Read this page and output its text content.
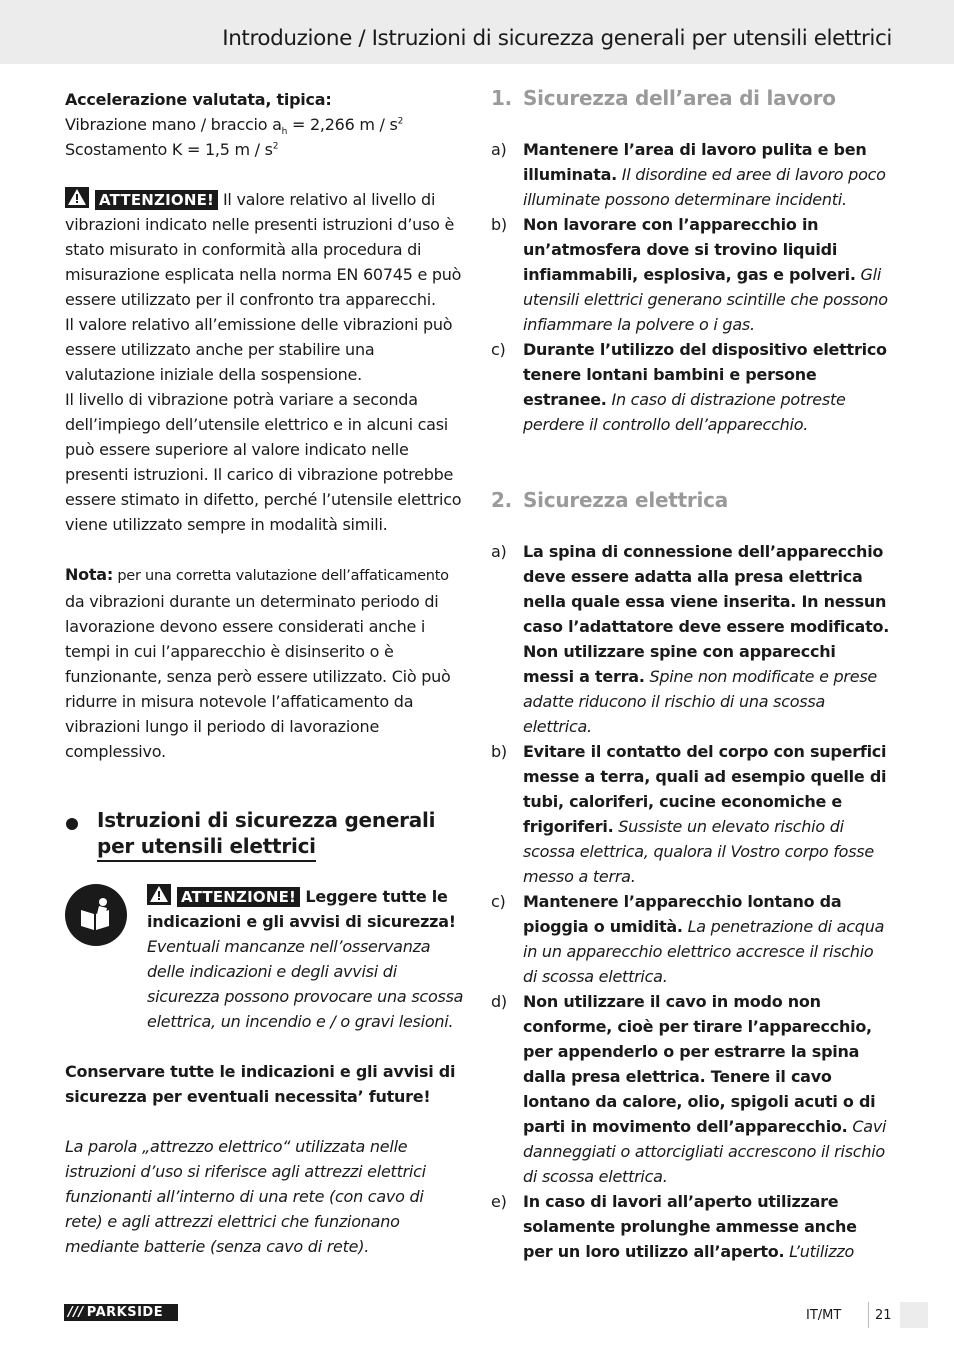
Introduzione / Istruzioni di sicurezza generali per utensili elettrici

Accelerazione valutata, tipica:

Vibrazione mano / braccio $a_h = 2,266$ m / $s^2$

Scostamento K = 1,5 m / $s^2$

ATTENZIONE! Il valore relativo al livello di vibrazioni indicato nelle presenti istruzioni d’uso è stato misurato in conformità alla procedura di misurazione esplicata nella norma EN 60745 e può essere utilizzato per il confronto tra apparecchi.

Il valore relativo all’emissione delle vibrazioni può essere utilizzato anche per stabilire una valutazione iniziale della sospensione.

Il livello di vibrazione potrà variare a seconda dell’impiego dell’utensile elettrico e in alcuni casi può essere superiore al valore indicato nelle presenti istruzioni. Il carico di vibrazione potrebbe essere stimato in difetto, perché l’utensile elettrico viene utilizzato sempre in modalità simili.

Nota: per una corretta valutazione dell’affaticamento da vibrazioni durante un determinato periodo di lavorazione devono essere considerati anche i tempi in cui l’apparecchio è disinserito o è funzionante, senza però essere utilizzato. Ciò può ridurre in misura notevole l’affaticamento da vibrazioni lungo il periodo di lavorazione complessivo.

Istruzioni di sicurezza generali
per utensili elettrici

ATTENZIONE! Leggere tutte le indicazioni e gli avvisi di sicurezza! Eventuali mancanze nell’osservanza delle indicazioni e degli avvisi di sicurezza possono provocare una scossa elettrica, un incendio e / o gravi lesioni.

Conservare tutte le indicazioni e gli avvisi di sicurezza per eventuali necessita’ future!

La parola „attrezzo elettrico“ utilizzata nelle istruzioni d’uso si riferisce agli attrezzi elettrici funzionanti all’interno di una rete (con cavo di rete) e agli attrezzi elettrici che funzionano mediante batterie (senza cavo di rete).

1. Sicurezza dell’area di lavoro
a)	Mantenere l’area di lavoro pulita e ben illuminata. Il disordine ed aree di lavoro poco illuminate possono determinare incidenti.
b)	Non lavorare con l’apparecchio in un’atmosfera dove si trovino liquidi infiammabili, esplosiva, gas e polveri. Gli utensili elettrici generano scintille che possono infiammare la polvere o i gas.
c)	Durante l’utilizzo del dispositivo elettrico tenere lontani bambini e persone estranee. In caso di distrazione potreste perdere il controllo dell’apparecchio.
2. Sicurezza elettrica
a)	La spina di connessione dell’apparecchio deve essere adatta alla presa elettrica nella quale essa viene inserita. In nessun caso l’adattatore deve essere modificato. Non utilizzare spine con apparecchi messi a terra. Spine non modificate e prese adatte riducono il rischio di una scossa elettrica.
b)	Evitare il contatto del corpo con superfici messe a terra, quali ad esempio quelle di tubi, caloriferi, cucine economiche e frigoriferi. Sussiste un elevato rischio di scossa elettrica, qualora il Vostro corpo fosse messo a terra.
c)	Mantenere l’apparecchio lontano da pioggia o umidità. La penetrazione di acqua in un apparecchio elettrico accresce il rischio di scossa elettrica.
d)	Non utilizzare il cavo in modo non conforme, cioè per tirare l’apparecchio, per appenderlo o per estrarre la spina dalla presa elettrica. Tenere il cavo lontano da calore, olio, spigoli acuti o di parti in movimento dell’apparecchio. Cavi danneggiati o attorcigliati accrescono il rischio di scossa elettrica.
e)	In caso di lavori all’aperto utilizzare solamente prolunghe ammesse anche per un loro utilizzo all’aperto. L’utilizzo
/// PARKSIDE	IT/MT	21
